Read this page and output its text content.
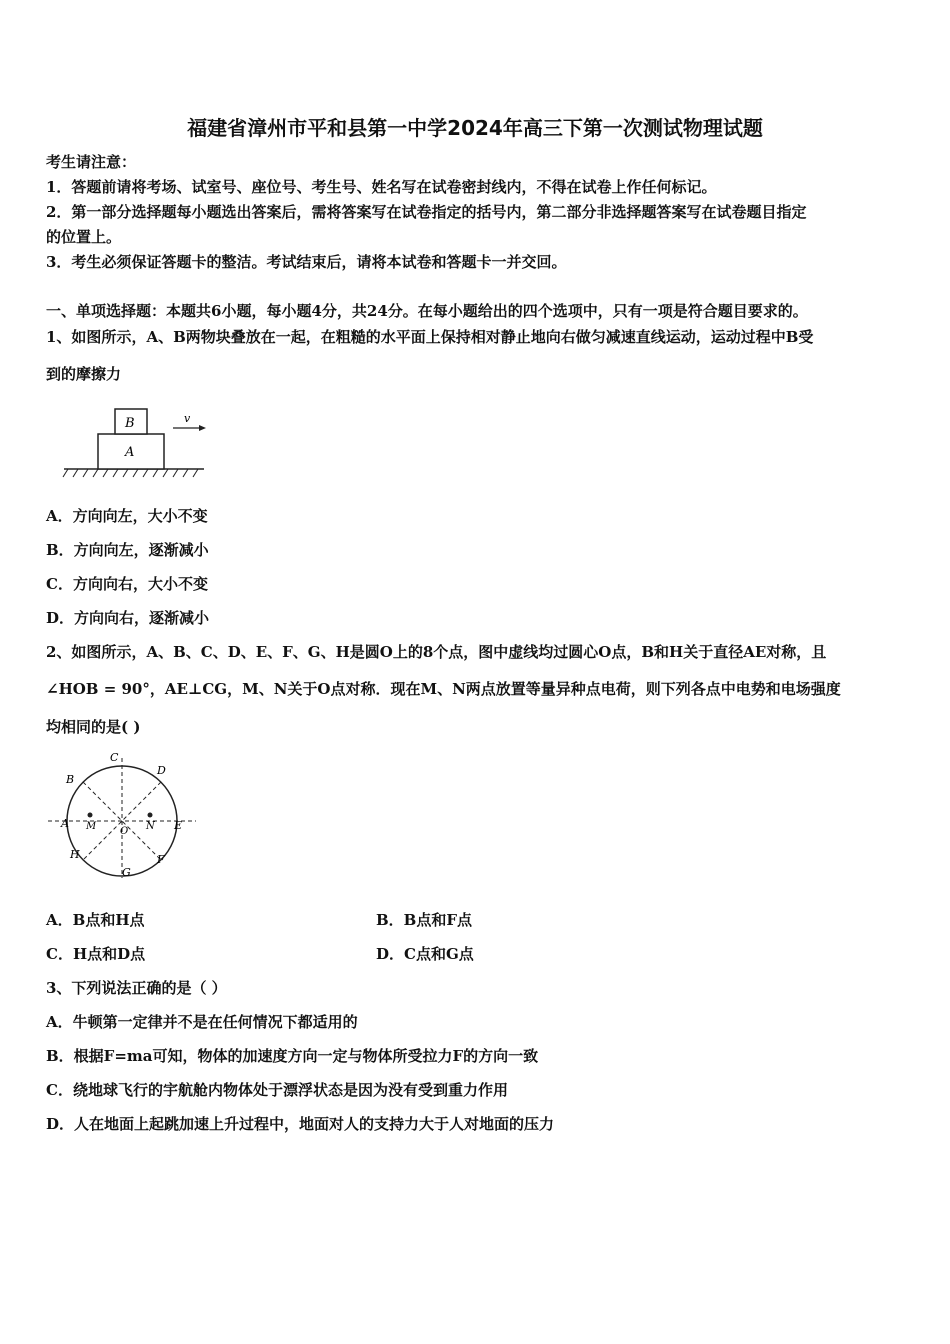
福建省漳州市平和县第一中学2024年高三下第一次测试物理试题
考生请注意：
1．答题前请将考场、试室号、座位号、考生号、姓名写在试卷密封线内，不得在试卷上作任何标记。
2．第一部分选择题每小题选出答案后，需将答案写在试卷指定的括号内，第二部分非选择题答案写在试卷题目指定
的位置上。
3．考生必须保证答题卡的整洁。考试结束后，请将本试卷和答题卡一并交回。
一、单项选择题：本题共6小题，每小题4分，共24分。在每小题给出的四个选项中，只有一项是符合题目要求的。
1、如图所示，A、B两物块叠放在一起，在粗糙的水平面上保持相对静止地向右做匀减速直线运动，运动过程中B受
到的摩擦力
B
A
v
A．方向向左，大小不变
B．方向向左，逐渐减小
C．方向向右，大小不变
D．方向向右，逐渐减小
2、如图所示，A、B、C、D、E、F、G、H是圆O上的8个点，图中虚线均过圆心O点，B和H关于直径AE对称，且
∠HOB = 90°，AE⊥CG，M、N关于O点对称．现在M、N两点放置等量异种点电荷，则下列各点中电势和电场强度
均相同的是( )
A
B
C
D
E
F
G
H
M	N
O
A．B点和H点	B．B点和F点
C．H点和D点	D．C点和G点
3、下列说法正确的是（ ）
A．牛顿第一定律并不是在任何情况下都适用的
B．根据F=ma可知，物体的加速度方向一定与物体所受拉力F的方向一致
C．绕地球飞行的宇航舱内物体处于漂浮状态是因为没有受到重力作用
D．人在地面上起跳加速上升过程中，地面对人的支持力大于人对地面的压力
